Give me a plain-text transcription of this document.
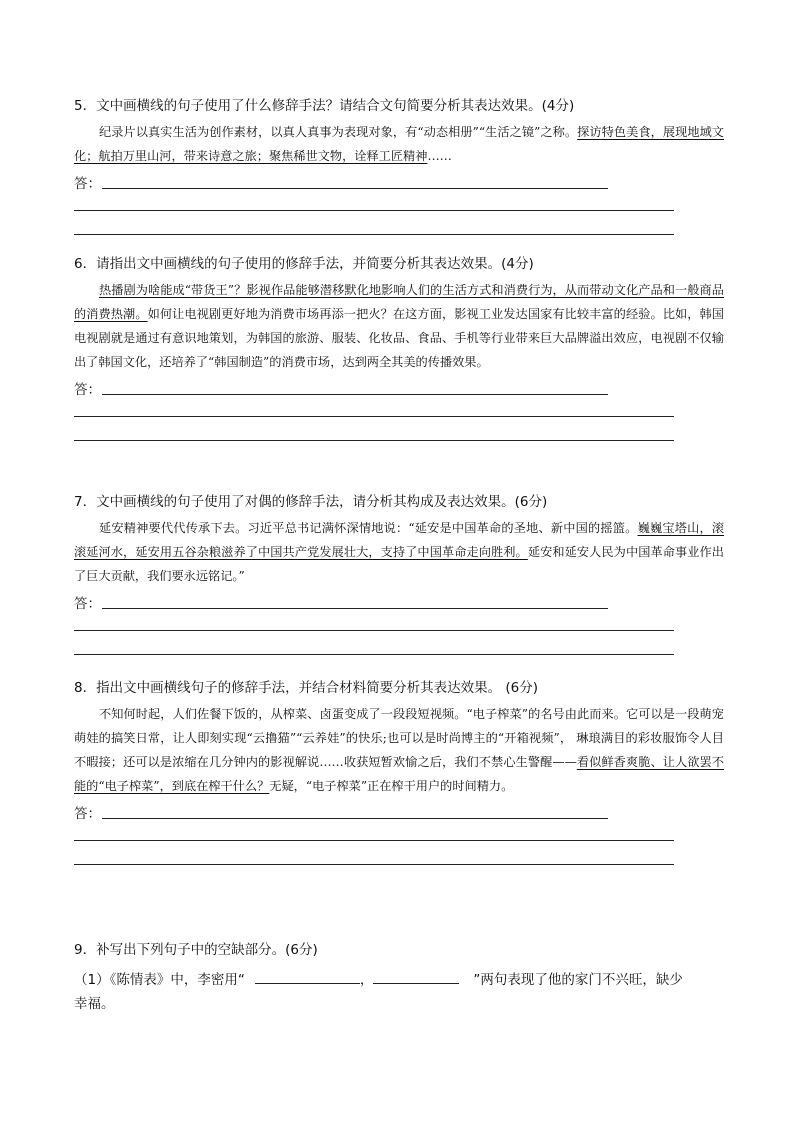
5．文中画横线的句子使用了什么修辞手法？请结合文句简要分析其表达效果。(4分)
纪录片以真实生活为创作素材，以真人真事为表现对象，有“动态相册”“生活之镜”之称。探访特色美食，展现地域文化；航拍万里山河，带来诗意之旅；聚焦稀世文物，诠释工匠精神……
答：
6．请指出文中画横线的句子使用的修辞手法，并简要分析其表达效果。(4分)
热播剧为啥能成“带货王”？影视作品能够潜移默化地影响人们的生活方式和消费行为，从而带动文化产品和一般商品的消费热潮。如何让电视剧更好地为消费市场再添一把火？在这方面，影视工业发达国家有比较丰富的经验。比如，韩国电视剧就是通过有意识地策划，为韩国的旅游、服装、化妆品、食品、手机等行业带来巨大品牌溢出效应，电视剧不仅输出了韩国文化，还培养了“韩国制造”的消费市场，达到两全其美的传播效果。
答：
7．文中画横线的句子使用了对偶的修辞手法，请分析其构成及表达效果。(6分)
延安精神要代代传承下去。习近平总书记满怀深情地说：“延安是中国革命的圣地、新中国的摇篮。巍巍宝塔山，滚滚延河水，延安用五谷杂粮滋养了中国共产党发展壮大，支持了中国革命走向胜利。延安和延安人民为中国革命事业作出了巨大贡献，我们要永远铭记。”
答：
8．指出文中画横线句子的修辞手法，并结合材料简要分析其表达效果。 (6分)
不知何时起，人们佐餐下饭的，从榨菜、卤蛋变成了一段段短视频。“电子榨菜”的名号由此而来。它可以是一段萌宠萌娃的搞笑日常，让人即刻实现“云撸猫”“云养娃”的快乐;也可以是时尚博主的“开箱视频”， 琳琅满目的彩妆服饰令人目不暇接；还可以是浓缩在几分钟内的影视解说……收获短暂欢愉之后，我们不禁心生警醒——看似鲜香爽脆、让人欲罢不能的“电子榨菜”，到底在榨干什么？无疑，“电子榨菜”正在榨干用户的时间精力。
答：
9．补写出下列句子中的空缺部分。(6分)
（1）《陈情表》中，李密用“	，	”两句表现了他的家门不兴旺，缺少
幸福。
